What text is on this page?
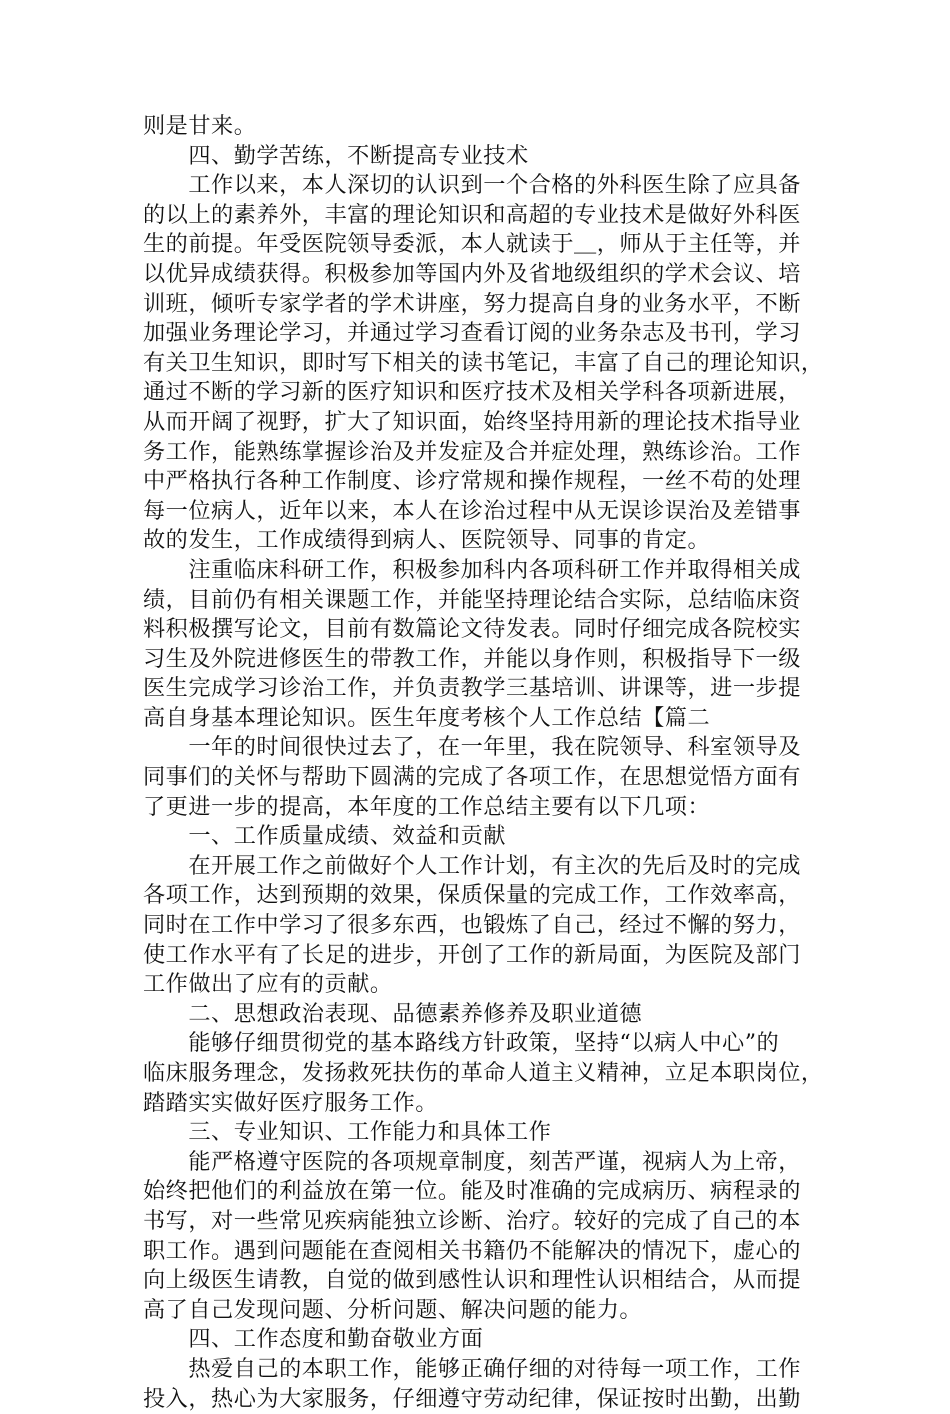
则是甘来。
　　四、勤学苦练，不断提高专业技术
　　工作以来，本人深切的认识到一个合格的外科医生除了应具备
的以上的素养外，丰富的理论知识和高超的专业技术是做好外科医
生的前提。年受医院领导委派，本人就读于＿，师从于主任等，并
以优异成绩获得。积极参加等国内外及省地级组织的学术会议、培
训班，倾听专家学者的学术讲座，努力提高自身的业务水平，不断
加强业务理论学习，并通过学习查看订阅的业务杂志及书刊，学习
有关卫生知识，即时写下相关的读书笔记，丰富了自己的理论知识，
通过不断的学习新的医疗知识和医疗技术及相关学科各项新进展，
从而开阔了视野，扩大了知识面，始终坚持用新的理论技术指导业
务工作，能熟练掌握诊治及并发症及合并症处理，熟练诊治。工作
中严格执行各种工作制度、诊疗常规和操作规程，一丝不苟的处理
每一位病人，近年以来，本人在诊治过程中从无误诊误治及差错事
故的发生，工作成绩得到病人、医院领导、同事的肯定。
　　注重临床科研工作，积极参加科内各项科研工作并取得相关成
绩，目前仍有相关课题工作，并能坚持理论结合实际，总结临床资
料积极撰写论文，目前有数篇论文待发表。同时仔细完成各院校实
习生及外院进修医生的带教工作，并能以身作则，积极指导下一级
医生完成学习诊治工作，并负责教学三基培训、讲课等，进一步提
高自身基本理论知识。医生年度考核个人工作总结【篇二
　　一年的时间很快过去了，在一年里，我在院领导、科室领导及
同事们的关怀与帮助下圆满的完成了各项工作，在思想觉悟方面有
了更进一步的提高，本年度的工作总结主要有以下几项：
　　一、工作质量成绩、效益和贡献
　　在开展工作之前做好个人工作计划，有主次的先后及时的完成
各项工作，达到预期的效果，保质保量的完成工作，工作效率高，
同时在工作中学习了很多东西，也锻炼了自己，经过不懈的努力，
使工作水平有了长足的进步，开创了工作的新局面，为医院及部门
工作做出了应有的贡献。
　　二、思想政治表现、品德素养修养及职业道德
　　能够仔细贯彻党的基本路线方针政策，坚持“以病人中心”的
临床服务理念，发扬救死扶伤的革命人道主义精神，立足本职岗位，
踏踏实实做好医疗服务工作。
　　三、专业知识、工作能力和具体工作
　　能严格遵守医院的各项规章制度，刻苦严谨，视病人为上帝，
始终把他们的利益放在第一位。能及时准确的完成病历、病程录的
书写，对一些常见疾病能独立诊断、治疗。较好的完成了自己的本
职工作。遇到问题能在查阅相关书籍仍不能解决的情况下，虚心的
向上级医生请教，自觉的做到感性认识和理性认识相结合，从而提
高了自己发现问题、分析问题、解决问题的能力。
　　四、工作态度和勤奋敬业方面
　　热爱自己的本职工作，能够正确仔细的对待每一项工作，工作
投入，热心为大家服务，仔细遵守劳动纪律，保证按时出勤，出勤
